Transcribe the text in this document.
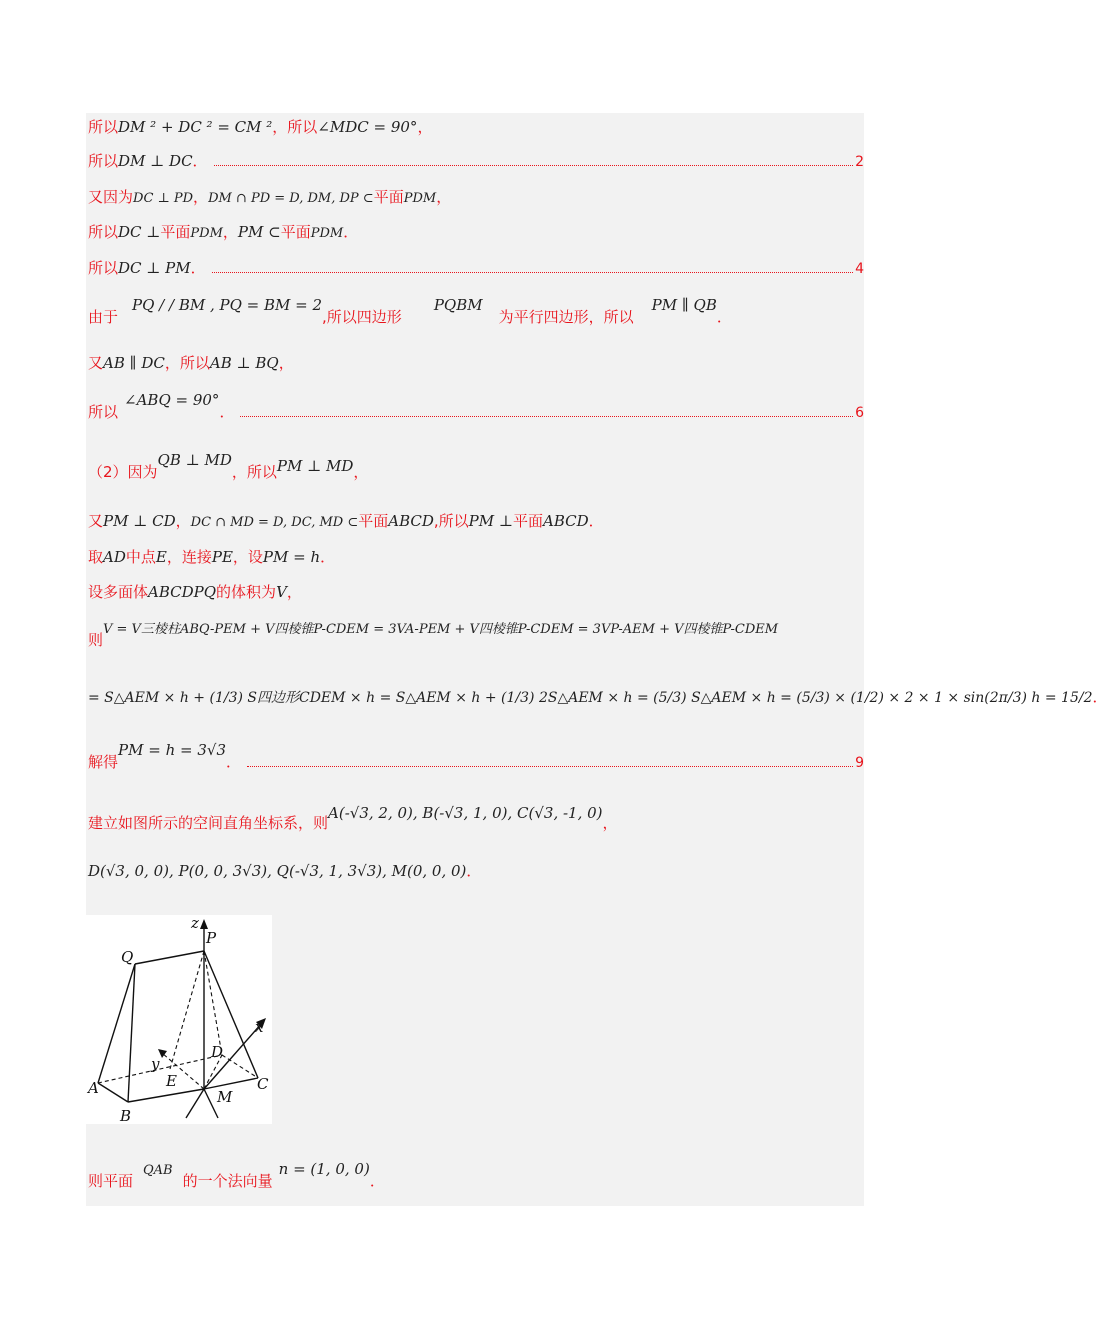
所以 DM ² + DC ² = CM ² ，所以 ∠MDC = 90° ，
所以 DM ⊥ DC ．	2
又因为 DC ⊥ PD ， DM ∩ PD = D, DM, DP ⊂ 平面 PDM ，
所以 DC ⊥ 平面 PDM ， PM ⊂ 平面 PDM ．
所以 DC ⊥ PM ．	4
由于
PQ / / BM , PQ = BM = 2
,所以四边形
PQBM
为平行四边形，所以
PM ∥ QB
．
又 AB ∥ DC ，所以 AB ⊥ BQ ，
所以
∠ABQ = 90°
．	6
（2）因为
QB ⊥ MD
，所以 PM ⊥ MD ，
又 PM ⊥ CD ， DC ∩ MD = D, DC, MD ⊂ 平面 ABCD ,所以 PM ⊥ 平面 ABCD ．
取 AD 中点 E ，连接 PE ，设 PM = h ．
设多面体 ABCDPQ 的体积为 V ，
则
V = V三棱柱ABQ-PEM + V四棱锥P-CDEM = 3VA-PEM + V四棱锥P-CDEM = 3VP-AEM + V四棱锥P-CDEM
= S△AEM × h + (1/3) S四边形CDEM × h = S△AEM × h + (1/3) 2S△AEM × h = (5/3) S△AEM × h = (5/3) × (1/2) × 2 × 1 × sin(2π/3) h = 15/2 ．
解得
PM = h = 3√3
．	9
建立如图所示的空间直角坐标系，则
A(-√3, 2, 0), B(-√3, 1, 0), C(√3, -1, 0)
，
D(√3, 0, 0), P(0, 0, 3√3), Q(-√3, 1, 3√3), M(0, 0, 0) ．
z
P
Q
x
y
D
E
A	C
M
B
则平面
QAB
的一个法向量
n = (1, 0, 0)
．
